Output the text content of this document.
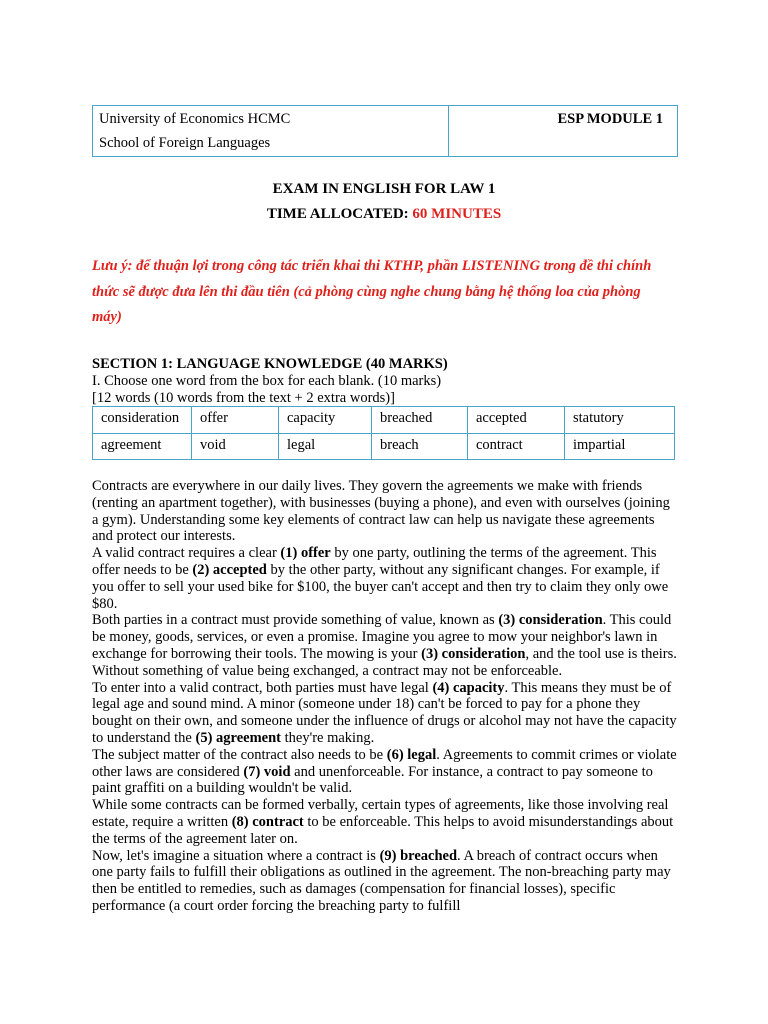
University of Economics HCMC
School of Foreign Languages
	ESP MODULE 1
EXAM IN ENGLISH FOR LAW 1
TIME ALLOCATED: 60 MINUTES
Lưu ý: để thuận lợi trong công tác triển khai thi KTHP, phần LISTENING trong đề thi chính thức sẽ được đưa lên thi đầu tiên (cả phòng cùng nghe chung bằng hệ thống loa của phòng máy)
SECTION 1: LANGUAGE KNOWLEDGE (40 MARKS)
I. Choose one word from the box for each blank. (10 marks)
[12 words (10 words from the text + 2 extra words)]
consideration	offer	capacity	breached	accepted	statutory
agreement	void	legal	breach	contract	impartial

Contracts are everywhere in our daily lives. They govern the agreements we make with friends (renting an apartment together), with businesses (buying a phone), and even with ourselves (joining a gym). Understanding some key elements of contract law can help us navigate these agreements and protect our interests.

A valid contract requires a clear (1) offer by one party, outlining the terms of the agreement. This offer needs to be (2) accepted by the other party, without any significant changes. For example, if you offer to sell your used bike for $100, the buyer can't accept and then try to claim they only owe $80.

Both parties in a contract must provide something of value, known as (3) consideration. This could be money, goods, services, or even a promise. Imagine you agree to mow your neighbor's lawn in exchange for borrowing their tools. The mowing is your (3) consideration, and the tool use is theirs. Without something of value being exchanged, a contract may not be enforceable.

To enter into a valid contract, both parties must have legal (4) capacity. This means they must be of legal age and sound mind. A minor (someone under 18) can't be forced to pay for a phone they bought on their own, and someone under the influence of drugs or alcohol may not have the capacity to understand the (5) agreement they're making.

The subject matter of the contract also needs to be (6) legal. Agreements to commit crimes or violate other laws are considered (7) void and unenforceable. For instance, a contract to pay someone to paint graffiti on a building wouldn't be valid.

While some contracts can be formed verbally, certain types of agreements, like those involving real estate, require a written (8) contract to be enforceable. This helps to avoid misunderstandings about the terms of the agreement later on.

Now, let's imagine a situation where a contract is (9) breached. A breach of contract occurs when one party fails to fulfill their obligations as outlined in the agreement. The non-breaching party may then be entitled to remedies, such as damages (compensation for financial losses), specific performance (a court order forcing the breaching party to fulfill
